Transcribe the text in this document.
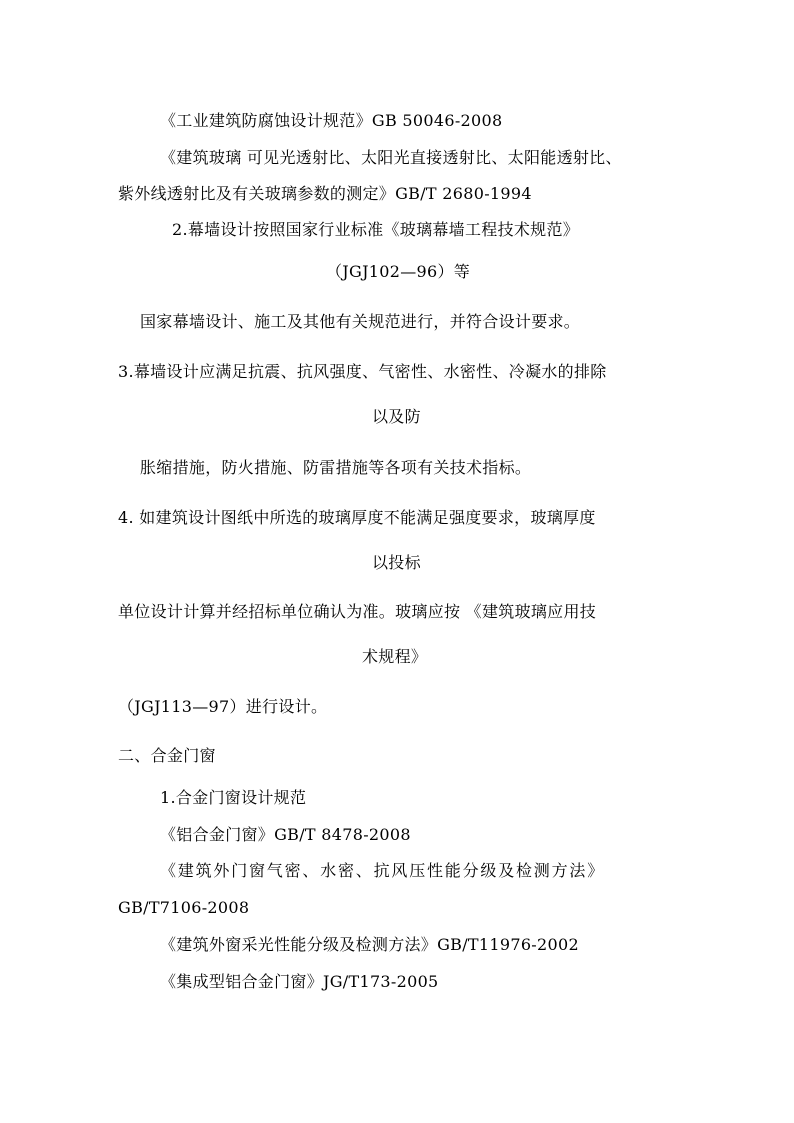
《工业建筑防腐蚀设计规范》GB 50046-2008
《建筑玻璃 可见光透射比、太阳光直接透射比、太阳能透射比、
紫外线透射比及有关玻璃参数的测定》GB/T 2680-1994
2.幕墙设计按照国家行业标准《玻璃幕墙工程技术规范》
（JGJ102—96）等
国家幕墙设计、施工及其他有关规范进行，并符合设计要求。
3.幕墙设计应满足抗震、抗风强度、气密性、水密性、冷凝水的排除
以及防
胀缩措施，防火措施、防雷措施等各项有关技术指标。
4. 如建筑设计图纸中所选的玻璃厚度不能满足强度要求，玻璃厚度
以投标
单位设计计算并经招标单位确认为准。玻璃应按 《建筑玻璃应用技
术规程》
（JGJ113—97）进行设计。
二、合金门窗
1.合金门窗设计规范
《铝合金门窗》GB/T 8478-2008
《建筑外门窗气密、水密、抗风压性能分级及检测方法》
GB/T7106-2008
《建筑外窗采光性能分级及检测方法》GB/T11976-2002
《集成型铝合金门窗》JG/T173-2005
